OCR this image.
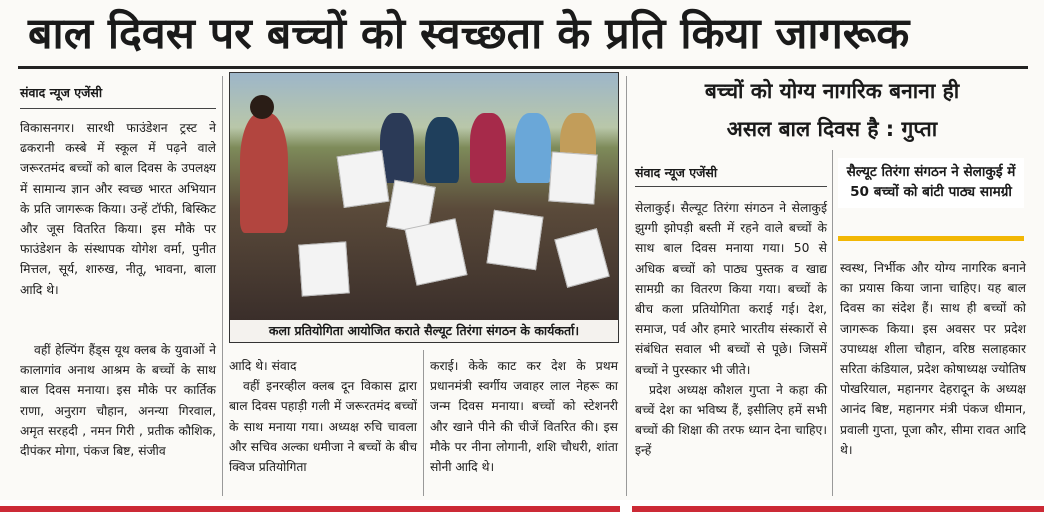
बाल दिवस पर बच्चों को स्वच्छता के प्रति किया जागरूक
संवाद न्यूज एजेंसी

विकासनगर। सारथी फाउंडेशन ट्रस्ट ने ढकरानी कस्बे में स्कूल में पढ़ने वाले जरूरतमंद बच्चों को बाल दिवस के उपलक्ष्य में सामान्य ज्ञान और स्वच्छ भारत अभियान के प्रति जागरूक किया। उन्हें टॉफी, बिस्किट और जूस वितरित किया। इस मौके पर फाउंडेशन के संस्थापक योगेश वर्मा, पुनीत मित्तल, सूर्य, शारुख, नीतू, भावना, बाला आदि थे।

वहीं हेल्पिंग हैंड्स यूथ क्लब के युवाओं ने कालागांव अनाथ आश्रम के बच्चों के साथ बाल दिवस मनाया। इस मौके पर कार्तिक राणा, अनुराग चौहान, अनन्या गिरवाल, अमृत सरहदी , नमन गिरी , प्रतीक कौशिक, दीपंकर मोगा, पंकज बिष्ट, संजीव

कला प्रतियोगिता आयोजित कराते सैल्यूट तिरंगा संगठन के कार्यकर्ता।

आदि थे। संवाद

वहीं इनरव्हील क्लब दून विकास द्वारा बाल दिवस पहाड़ी गली में जरूरतमंद बच्चों के साथ मनाया गया। अध्यक्ष रुचि चावला और सचिव अल्का धमीजा ने बच्चों के बीच क्विज प्रतियोगिता

कराई। केके काट कर देश के प्रथम प्रधानमंत्री स्वर्गीय जवाहर लाल नेहरू का जन्म दिवस मनाया। बच्चों को स्टेशनरी और खाने पीने की चीजें वितरित की। इस मौके पर नीना लोगानी, शशि चौधरी, शांता सोनी आदि थे।

बच्चों को योग्य नागरिक बनाना ही
असल बाल दिवस है : गुप्ता
संवाद न्यूज एजेंसी

सेलाकुई। सैल्यूट तिरंगा संगठन ने सेलाकुई झुग्गी झोपड़ी बस्ती में रहने वाले बच्चों के साथ बाल दिवस मनाया गया। 50 से अधिक बच्चों को पाठ्य पुस्तक व खाद्य सामग्री का वितरण किया गया। बच्चों के बीच कला प्रतियोगिता कराई गई। देश, समाज, पर्व और हमारे भारतीय संस्कारों से संबंधित सवाल भी बच्चों से पूछे। जिसमें बच्चों ने पुरस्कार भी जीते।

प्रदेश अध्यक्ष कौशल गुप्ता ने कहा की बच्चें देश का भविष्य हैं, इसीलिए हमें सभी बच्चों की शिक्षा की तरफ ध्यान देना चाहिए। इन्हें

सैल्यूट तिरंगा संगठन ने सेलाकुई में 50 बच्चों को बांटी पाठ्य सामग्री

स्वस्थ, निर्भीक और योग्य नागरिक बनाने का प्रयास किया जाना चाहिए। यह बाल दिवस का संदेश हैं। साथ ही बच्चों को जागरूक किया। इस अवसर पर प्रदेश उपाध्यक्ष शीला चौहान, वरिष्ठ सलाहकार सरिता कंडियाल, प्रदेश कोषाध्यक्ष ज्योतिष पोखरियाल, महानगर देहरादून के अध्यक्ष आनंद बिष्ट, महानगर मंत्री पंकज धीमान, प्रवाली गुप्ता, पूजा कौर, सीमा रावत आदि थे।
